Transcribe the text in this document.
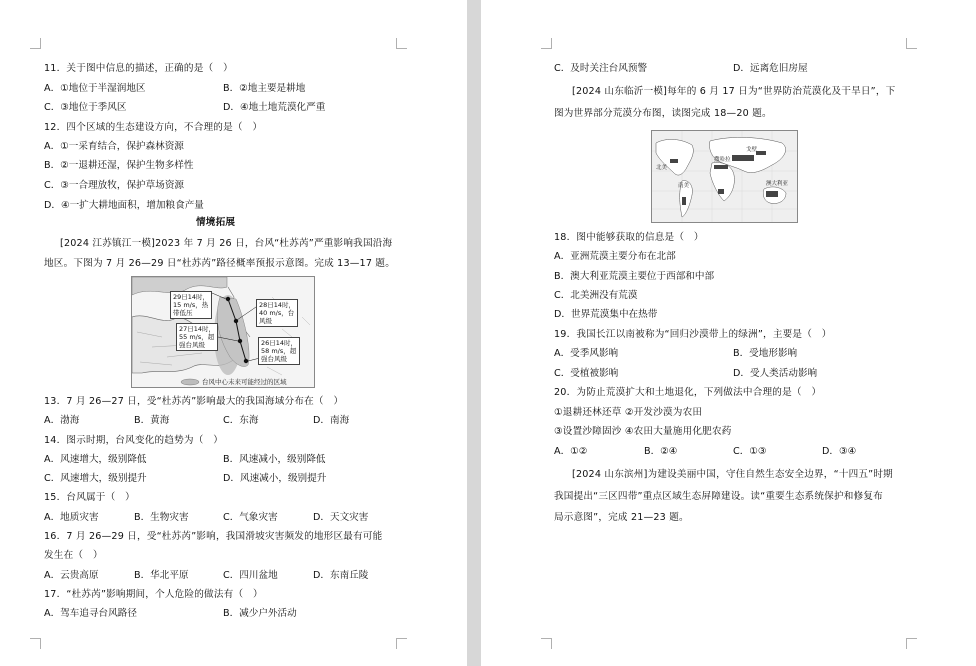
11．关于图中信息的描述，正确的是（　）
A．①地位于半湿润地区	B．②地主要是耕地
C．③地位于季风区	D．④地土地荒漠化严重
12．四个区域的生态建设方向，不合理的是（　）
A．①一采育结合，保护森林资源
B．②一退耕还湿，保护生物多样性
C．③一合理放牧，保护草场资源
D．④一扩大耕地面积，增加粮食产量
情境拓展
[2024 江苏镇江一模]2023 年 7 月 26 日，台风“杜苏芮”严重影响我国沿海
地区。下图为 7 月 26—29 日“杜苏芮”路径概率预报示意图。完成 13—17 题。
29日14时，
15 m/s，热
带低压
28日14时，
40 m/s，台
风级
27日14时，
55 m/s，超
强台风级	26日14时，
58 m/s，超
强台风级
台风中心未来可能经过的区域
13．7 月 26—27 日，受“杜苏芮”影响最大的我国海域分布在（　）
A．渤海	B．黄海	C．东海	D．南海
14．图示时期，台风变化的趋势为（　）
A．风速增大，级别降低	B．风速减小，级别降低
C．风速增大，级别提升	D．风速减小，级别提升
15．台风属于（　）
A．地质灾害	B．生物灾害	C．气象灾害	D．天文灾害
16．7 月 26—29 日，受“杜苏芮”影响，我国滑坡灾害频发的地形区最有可能
发生在（　）
A．云贵高原	B．华北平原	C．四川盆地	D．东南丘陵
17．“杜苏芮”影响期间，个人危险的做法有（　）
A．驾车追寻台风路径	B．减少户外活动
C．及时关注台风预警	D．远离危旧房屋
[2024 山东临沂一模]每年的 6 月 17 日为“世界防治荒漠化及干旱日”，下
图为世界部分荒漠分布图，读图完成 18—20 题。
北美
南美
撒哈拉
戈壁
澳大利亚
18．图中能够获取的信息是（　）
A．亚洲荒漠主要分布在北部
B．澳大利亚荒漠主要位于西部和中部
C．北美洲没有荒漠
D．世界荒漠集中在热带
19．我国长江以南被称为“回归沙漠带上的绿洲”，主要是（　）
A．受季风影响	B．受地形影响
C．受植被影响	D．受人类活动影响
20．为防止荒漠扩大和土地退化，下列做法中合理的是（　）
①退耕还林还草 ②开发沙漠为农田
③设置沙障固沙 ④农田大量施用化肥农药
A．①②	B．②④	C．①③	D．③④
[2024 山东滨州]为建设美丽中国，守住自然生态安全边界，“十四五”时期
我国提出“三区四带”重点区域生态屏障建设。读“重要生态系统保护和修复布
局示意图”，完成 21—23 题。
